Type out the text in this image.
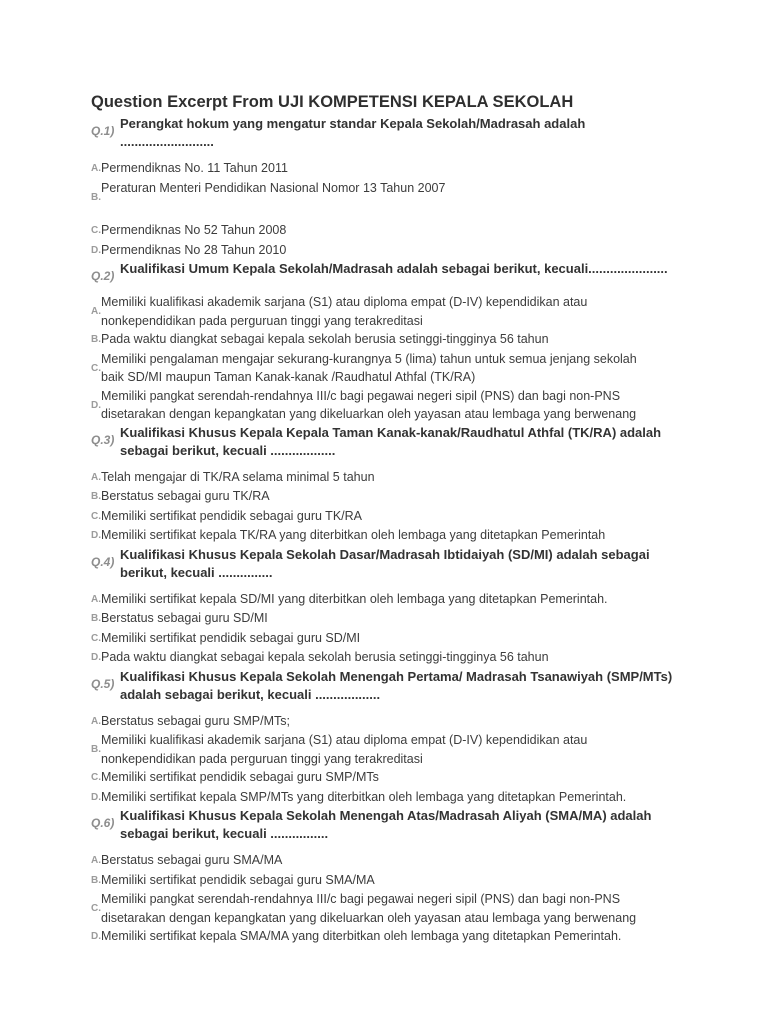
Question Excerpt From UJI KOMPETENSI KEPALA SEKOLAH
Q.1) Perangkat hokum yang mengatur standar Kepala Sekolah/Madrasah adalah ..........................
A. Permendiknas No. 11 Tahun 2011
B.
Peraturan Menteri Pendidikan Nasional Nomor 13 Tahun 2007
C. Permendiknas No 52 Tahun 2008
D. Permendiknas No 28 Tahun 2010
Q.2) Kualifikasi Umum Kepala Sekolah/Madrasah adalah sebagai berikut, kecuali......................
A.
Memiliki kualifikasi akademik sarjana (S1) atau diploma empat (D-IV) kependidikan atau nonkependidikan pada perguruan tinggi yang terakreditasi
B. Pada waktu diangkat sebagai kepala sekolah berusia setinggi-tingginya 56 tahun
C.
Memiliki pengalaman mengajar sekurang-kurangnya 5 (lima) tahun untuk semua jenjang sekolah baik SD/MI maupun Taman Kanak-kanak /Raudhatul Athfal (TK/RA)
D.
Memiliki pangkat serendah-rendahnya III/c bagi pegawai negeri sipil (PNS) dan bagi non-PNS disetarakan dengan kepangkatan yang dikeluarkan oleh yayasan atau lembaga yang berwenang
Q.3) Kualifikasi Khusus Kepala Kepala Taman Kanak-kanak/Raudhatul Athfal (TK/RA) adalah sebagai berikut, kecuali ..................
A. Telah mengajar di TK/RA selama minimal 5 tahun
B. Berstatus sebagai guru TK/RA
C. Memiliki sertifikat pendidik sebagai guru TK/RA
D. Memiliki sertifikat kepala TK/RA yang diterbitkan oleh lembaga yang ditetapkan Pemerintah
Q.4) Kualifikasi Khusus Kepala Sekolah Dasar/Madrasah Ibtidaiyah (SD/MI) adalah sebagai berikut, kecuali ...............
A. Memiliki sertifikat kepala SD/MI yang diterbitkan oleh lembaga yang ditetapkan Pemerintah.
B. Berstatus sebagai guru SD/MI
C. Memiliki sertifikat pendidik sebagai guru SD/MI
D. Pada waktu diangkat sebagai kepala sekolah berusia setinggi-tingginya 56 tahun
Q.5) Kualifikasi Khusus Kepala Sekolah Menengah Pertama/ Madrasah Tsanawiyah (SMP/MTs) adalah sebagai berikut, kecuali ..................
A. Berstatus sebagai guru SMP/MTs;
B.
Memiliki kualifikasi akademik sarjana (S1) atau diploma empat (D-IV) kependidikan atau nonkependidikan pada perguruan tinggi yang terakreditasi
C. Memiliki sertifikat pendidik sebagai guru SMP/MTs
D. Memiliki sertifikat kepala SMP/MTs yang diterbitkan oleh lembaga yang ditetapkan Pemerintah.
Q.6) Kualifikasi Khusus Kepala Sekolah Menengah Atas/Madrasah Aliyah (SMA/MA) adalah sebagai berikut, kecuali ................
A. Berstatus sebagai guru SMA/MA
B. Memiliki sertifikat pendidik sebagai guru SMA/MA
C.
Memiliki pangkat serendah-rendahnya III/c bagi pegawai negeri sipil (PNS) dan bagi non-PNS disetarakan dengan kepangkatan yang dikeluarkan oleh yayasan atau lembaga yang berwenang
D. Memiliki sertifikat kepala SMA/MA yang diterbitkan oleh lembaga yang ditetapkan Pemerintah.
